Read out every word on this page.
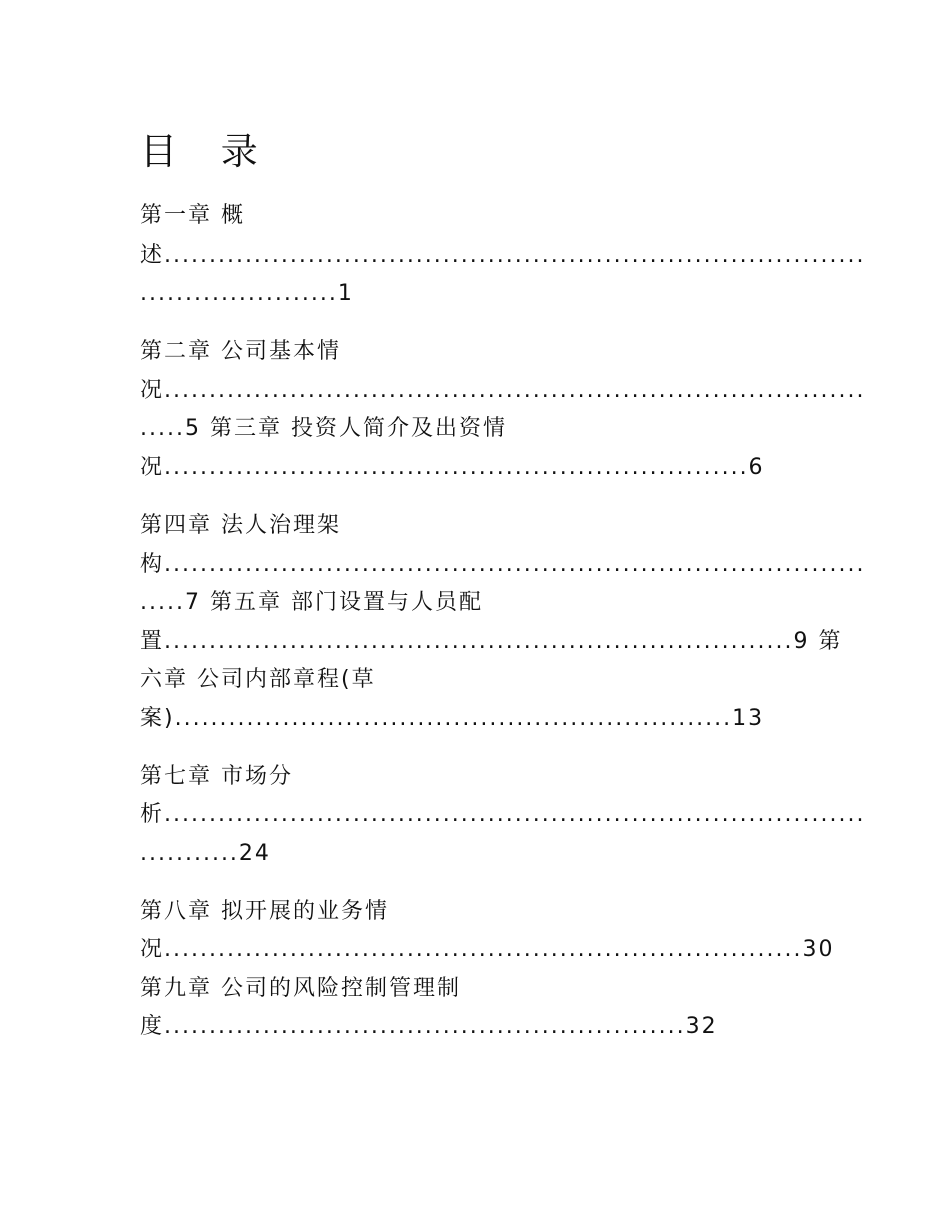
目 录
第一章 概
述..............................................................................
......................1
第二章 公司基本情
况..............................................................................
.....5 第三章 投资人简介及出资情
况.................................................................6
第四章 法人治理架
构..............................................................................
.....7 第五章 部门设置与人员配
置......................................................................9 第
六章 公司内部章程(草
案)..............................................................13
第七章 市场分
析..............................................................................
...........24
第八章 拟开展的业务情
况.......................................................................30
第九章 公司的风险控制管理制
度..........................................................32
